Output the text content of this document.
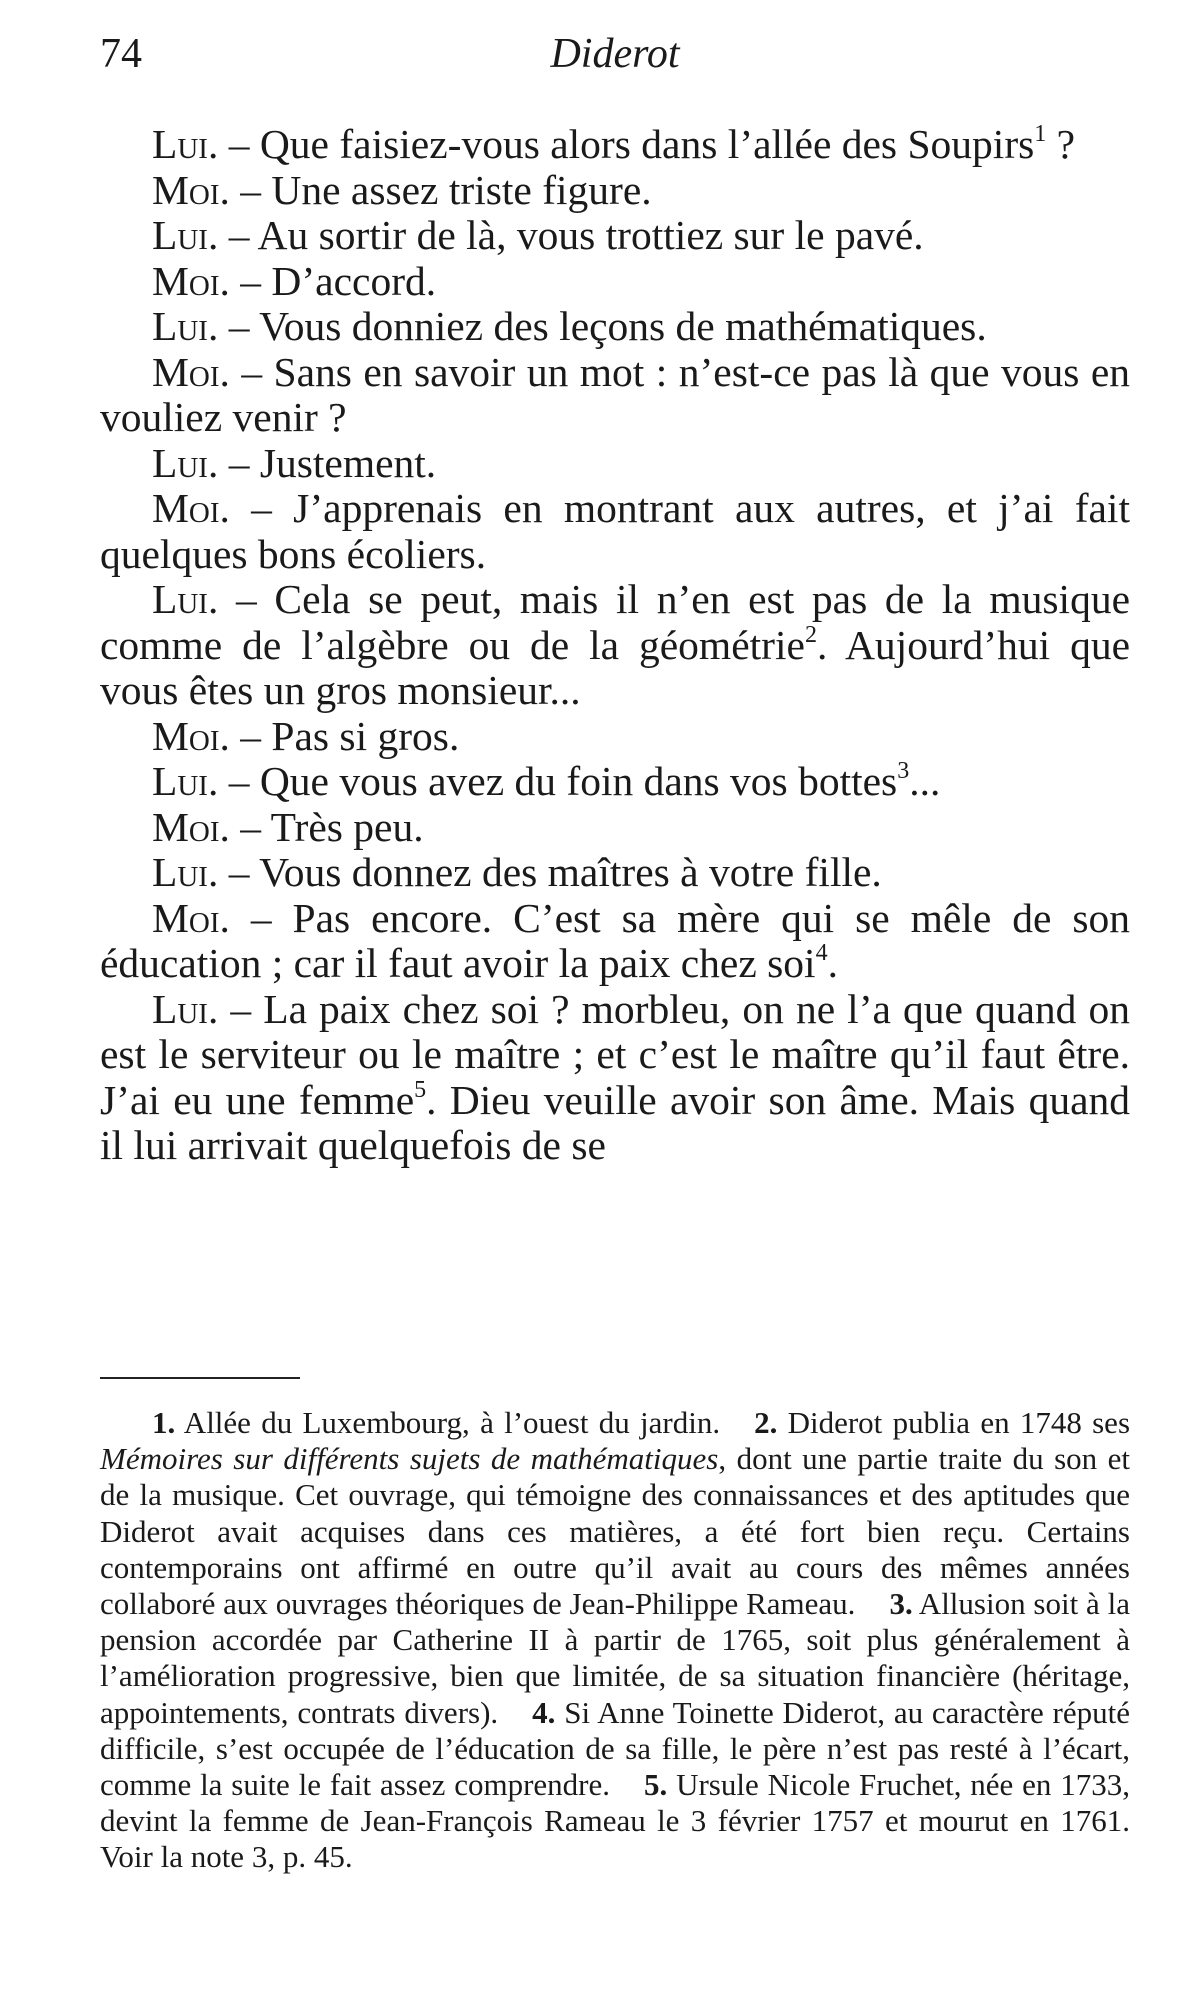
74	Diderot

Lui. – Que faisiez-vous alors dans l’allée des Soupirs$^1$ ?

Moi. – Une assez triste figure.

Lui. – Au sortir de là, vous trottiez sur le pavé.

Moi. – D’accord.

Lui. – Vous donniez des leçons de mathématiques.

Moi. – Sans en savoir un mot : n’est-ce pas là que vous en vouliez venir ?

Lui. – Justement.

Moi. – J’apprenais en montrant aux autres, et j’ai fait quelques bons écoliers.

Lui. – Cela se peut, mais il n’en est pas de la musique comme de l’algèbre ou de la géométrie$^2$. Aujourd’hui que vous êtes un gros monsieur...

Moi. – Pas si gros.

Lui. – Que vous avez du foin dans vos bottes$^3$...

Moi. – Très peu.

Lui. – Vous donnez des maîtres à votre fille.

Moi. – Pas encore. C’est sa mère qui se mêle de son éducation ; car il faut avoir la paix chez soi$^4$.

Lui. – La paix chez soi ? morbleu, on ne l’a que quand on est le serviteur ou le maître ; et c’est le maître qu’il faut être. J’ai eu une femme$^5$. Dieu veuille avoir son âme. Mais quand il lui arrivait quelquefois de se

1. Allée du Luxembourg, à l’ouest du jardin. 2. Diderot publia en 1748 ses Mémoires sur différents sujets de mathématiques, dont une partie traite du son et de la musique. Cet ouvrage, qui témoigne des connaissances et des aptitudes que Diderot avait acquises dans ces matières, a été fort bien reçu. Certains contemporains ont affirmé en outre qu’il avait au cours des mêmes années collaboré aux ouvrages théoriques de Jean-Philippe Rameau. 3. Allusion soit à la pension accordée par Catherine II à partir de 1765, soit plus généralement à l’amélioration progressive, bien que limitée, de sa situation financière (héritage, appointements, contrats divers). 4. Si Anne Toinette Diderot, au caractère réputé difficile, s’est occupée de l’éducation de sa fille, le père n’est pas resté à l’écart, comme la suite le fait assez comprendre. 5. Ursule Nicole Fruchet, née en 1733, devint la femme de Jean-François Rameau le 3 février 1757 et mourut en 1761. Voir la note 3, p. 45.
